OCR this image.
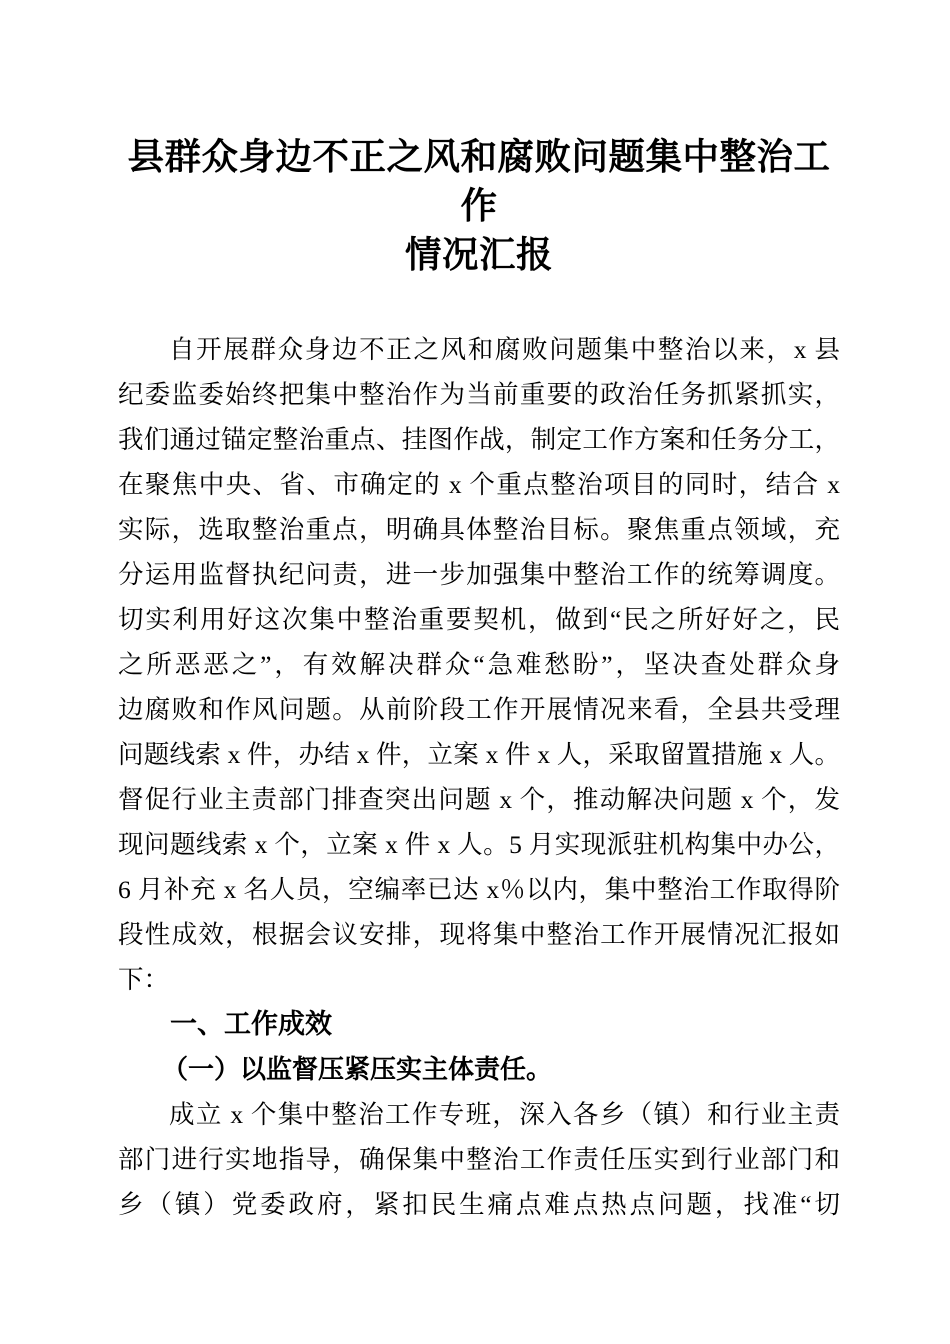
县群众身边不正之风和腐败问题集中整治工作
情况汇报
自开展群众身边不正之风和腐败问题集中整治以来，x 县
纪委监委始终把集中整治作为当前重要的政治任务抓紧抓实，
我们通过锚定整治重点、挂图作战，制定工作方案和任务分工，
在聚焦中央、省、市确定的 x 个重点整治项目的同时，结合 x
实际，选取整治重点，明确具体整治目标。聚焦重点领域，充
分运用监督执纪问责，进一步加强集中整治工作的统筹调度。
切实利用好这次集中整治重要契机，做到“民之所好好之，民
之所恶恶之”，有效解决群众“急难愁盼”，坚决查处群众身
边腐败和作风问题。从前阶段工作开展情况来看，全县共受理
问题线索 x 件，办结 x 件，立案 x 件 x 人，采取留置措施 x 人。
督促行业主责部门排查突出问题 x 个，推动解决问题 x 个，发
现问题线索 x 个，立案 x 件 x 人。5 月实现派驻机构集中办公，
6 月补充 x 名人员，空编率已达 x％以内，集中整治工作取得阶
段性成效，根据会议安排，现将集中整治工作开展情况汇报如
下：
一、工作成效
（一）以监督压紧压实主体责任。
成立 x 个集中整治工作专班，深入各乡（镇）和行业主责
部门进行实地指导，确保集中整治工作责任压实到行业部门和
乡（镇）党委政府，紧扣民生痛点难点热点问题，找准“切
